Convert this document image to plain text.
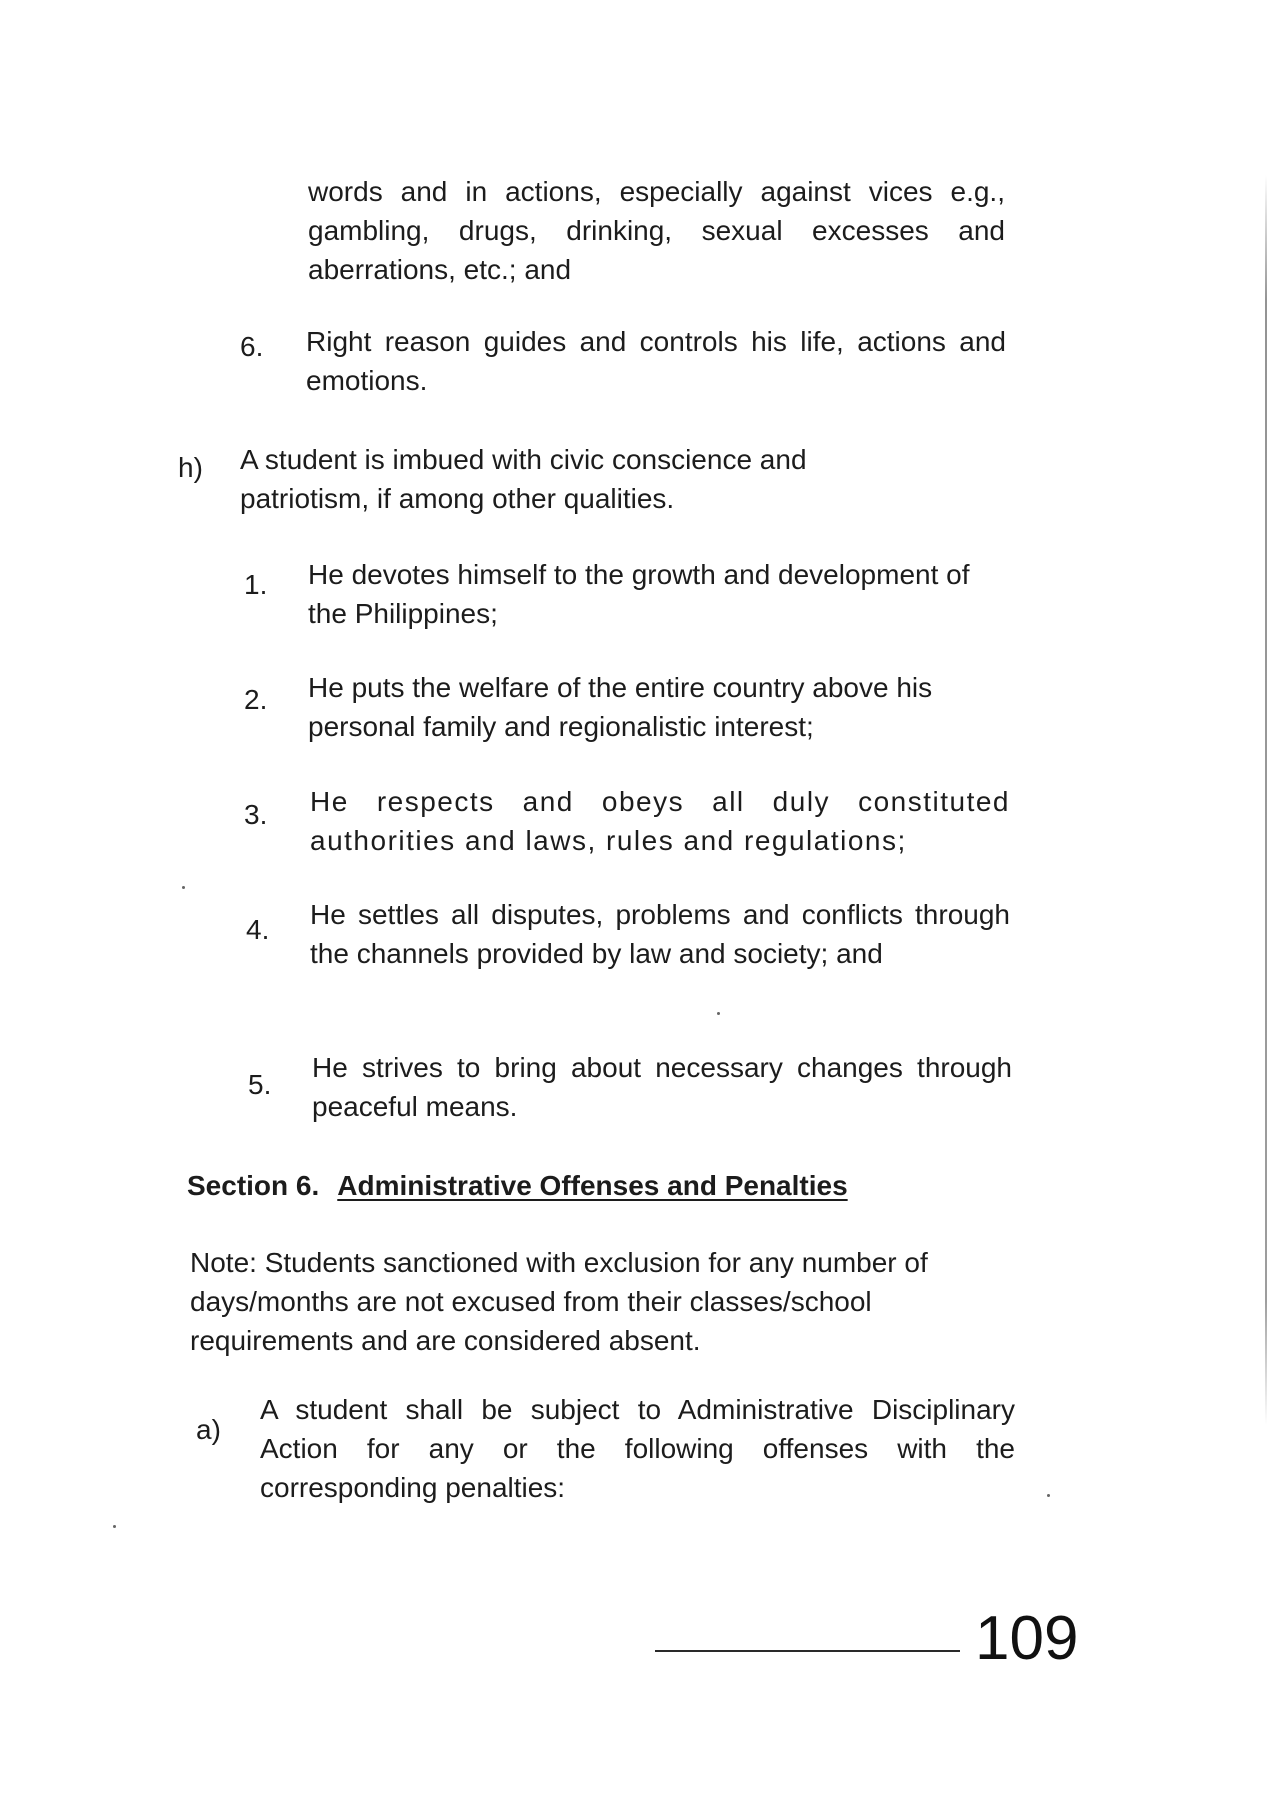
words and in actions, especially against vices e.g., gambling, drugs, drinking, sexual excesses and aberrations, etc.; and

6. Right reason guides and controls his life, actions and emotions.

h) A student is imbued with civic conscience and patriotism, if among other qualities.

1. He devotes himself to the growth and development of the Philippines;

2. He puts the welfare of the entire country above his personal family and regionalistic interest;

3. He respects and obeys all duly constituted authorities and laws, rules and regulations;

4. He settles all disputes, problems and conflicts through the channels provided by law and society; and

5.

He strives to bring about necessary changes through peaceful means.

Section 6. Administrative Offenses and Penalties
Note: Students sanctioned with exclusion for any number of days/months are not excused from their classes/school requirements and are considered absent.
a)

A student shall be subject to Administrative Disciplinary Action for any or the following offenses with the corresponding penalties:

109
